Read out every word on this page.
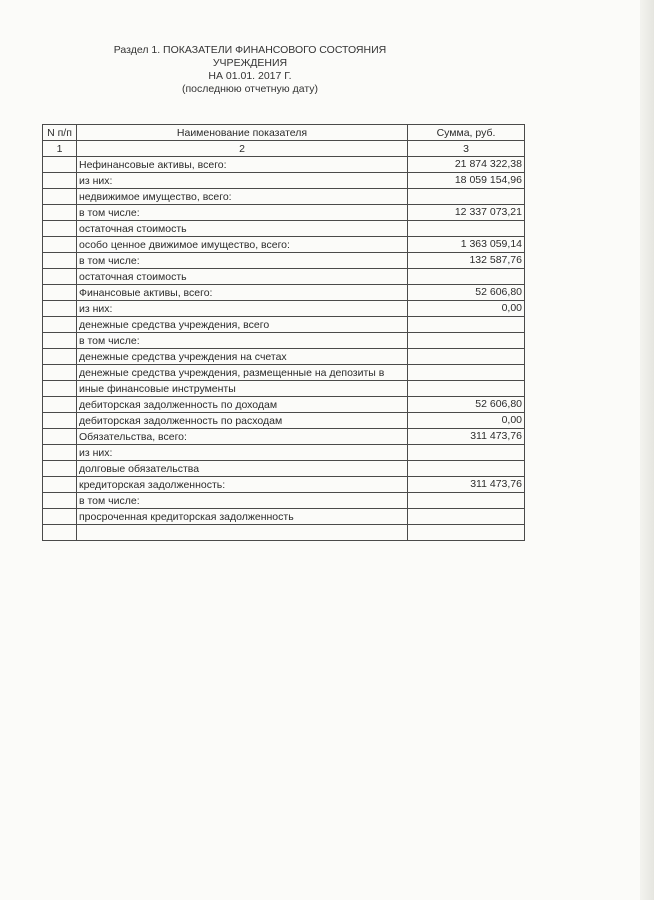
Раздел 1. ПОКАЗАТЕЛИ ФИНАНСОВОГО СОСТОЯНИЯ
УЧРЕЖДЕНИЯ
НА 01.01. 2017 Г.
(последнюю отчетную дату)
N п/п	Наименование показателя	Сумма, руб.
1	2	3
	Нефинансовые активы, всего:	21 874 322,38
	из них:	18 059 154,96
	недвижимое имущество, всего:	
	в том числе:	12 337 073,21
	остаточная стоимость	
	особо ценное движимое имущество, всего:	1 363 059,14
	в том числе:	132 587,76
	остаточная стоимость	
	Финансовые активы, всего:	52 606,80
	из них:	0,00
	денежные средства учреждения, всего	
	в том числе:	
	денежные средства учреждения на счетах	
	денежные средства учреждения, размещенные на депозиты в	
	иные финансовые инструменты	
	дебиторская задолженность по доходам	52 606,80
	дебиторская задолженность по расходам	0,00
	Обязательства, всего:	311 473,76
	из них:	
	долговые обязательства	
	кредиторская задолженность:	311 473,76
	в том числе:	
	просроченная кредиторская задолженность	
